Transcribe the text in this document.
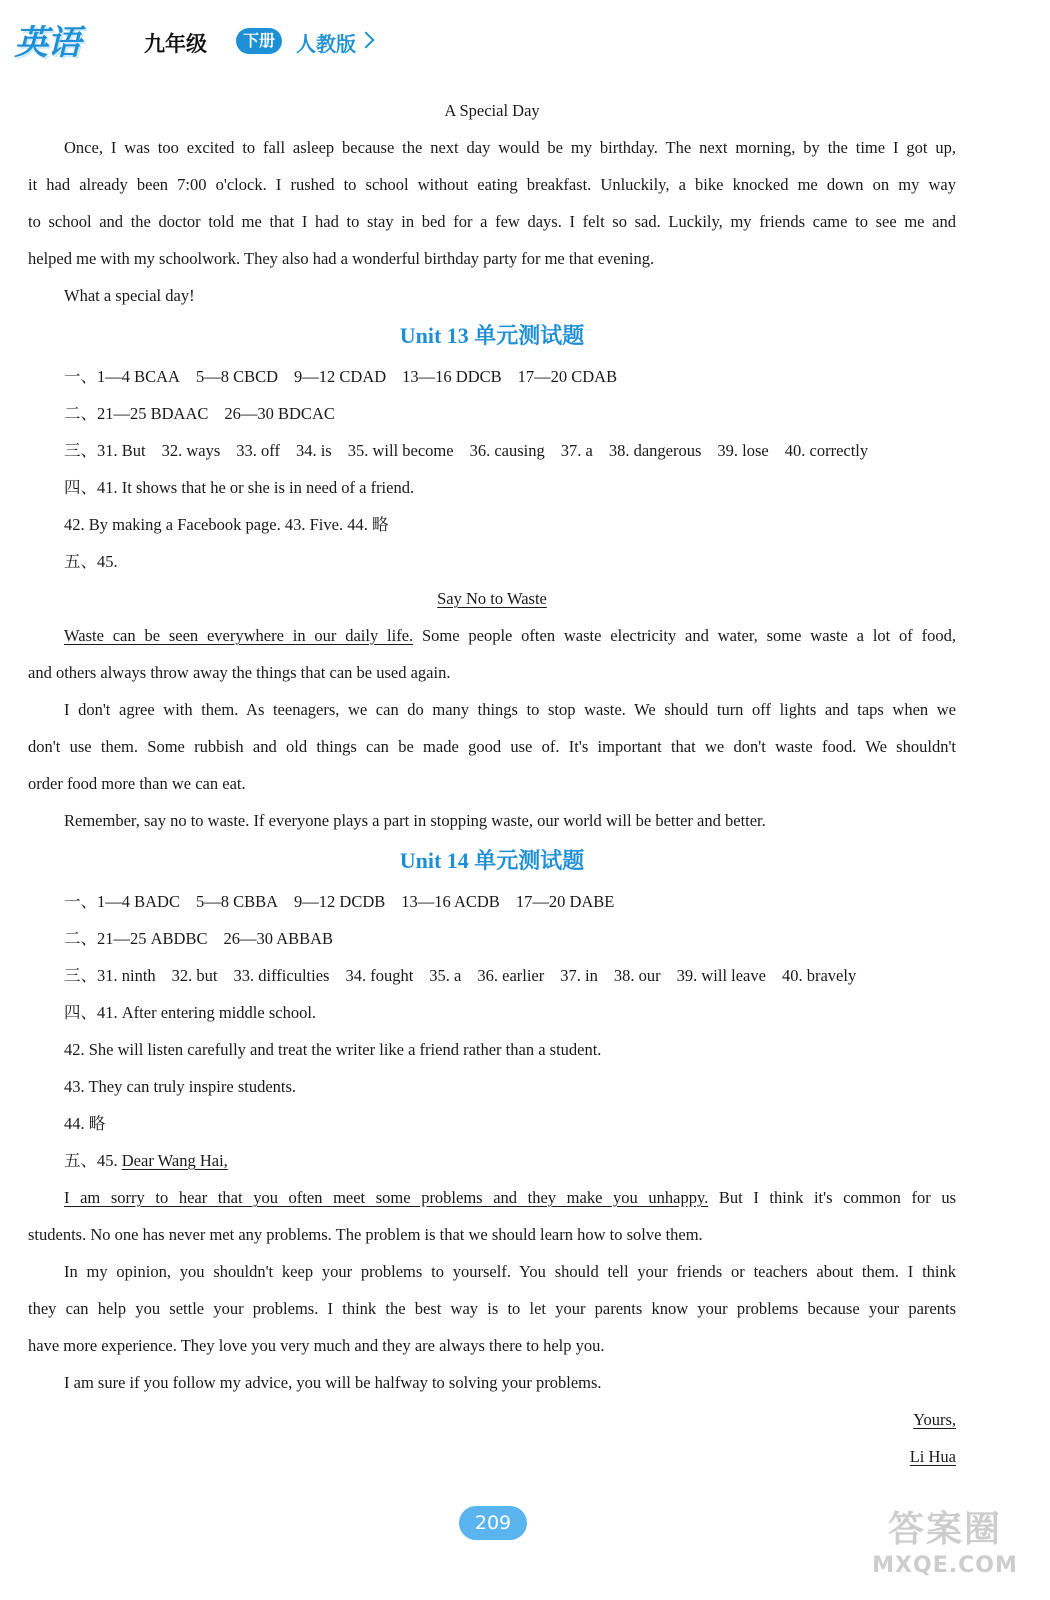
英语	九年级	下册	人教版
A Special Day
Once, I was too excited to fall asleep because the next day would be my birthday. The next morning, by the time I got up,
it had already been 7:00 o'clock. I rushed to school without eating breakfast. Unluckily, a bike knocked me down on my way
to school and the doctor told me that I had to stay in bed for a few days. I felt so sad. Luckily, my friends came to see me and
helped me with my schoolwork. They also had a wonderful birthday party for me that evening.
What a special day!
Unit 13 单元测试题
一、1—4 BCAA 5—8 CBCD 9—12 CDAD 13—16 DDCB 17—20 CDAB
二、21—25 BDAAC 26—30 BDCAC
三、31. But 32. ways 33. off 34. is 35. will become 36. causing 37. a 38. dangerous 39. lose 40. correctly
四、41. It shows that he or she is in need of a friend.
42. By making a Facebook page. 43. Five. 44. 略
五、45.
Say No to Waste
Waste can be seen everywhere in our daily life. Some people often waste electricity and water, some waste a lot of food,
and others always throw away the things that can be used again.
I don't agree with them. As teenagers, we can do many things to stop waste. We should turn off lights and taps when we
don't use them. Some rubbish and old things can be made good use of. It's important that we don't waste food. We shouldn't
order food more than we can eat.
Remember, say no to waste. If everyone plays a part in stopping waste, our world will be better and better.
Unit 14 单元测试题
一、1—4 BADC 5—8 CBBA 9—12 DCDB 13—16 ACDB 17—20 DABE
二、21—25 ABDBC 26—30 ABBAB
三、31. ninth 32. but 33. difficulties 34. fought 35. a 36. earlier 37. in 38. our 39. will leave 40. bravely
四、41. After entering middle school.
42. She will listen carefully and treat the writer like a friend rather than a student.
43. They can truly inspire students.
44. 略
五、45. Dear Wang Hai,
I am sorry to hear that you often meet some problems and they make you unhappy. But I think it's common for us
students. No one has never met any problems. The problem is that we should learn how to solve them.
In my opinion, you shouldn't keep your problems to yourself. You should tell your friends or teachers about them. I think
they can help you settle your problems. I think the best way is to let your parents know your problems because your parents
have more experience. They love you very much and they are always there to help you.
I am sure if you follow my advice, you will be halfway to solving your problems.
Yours,
Li Hua
209	答案圈
MXQE.COM
